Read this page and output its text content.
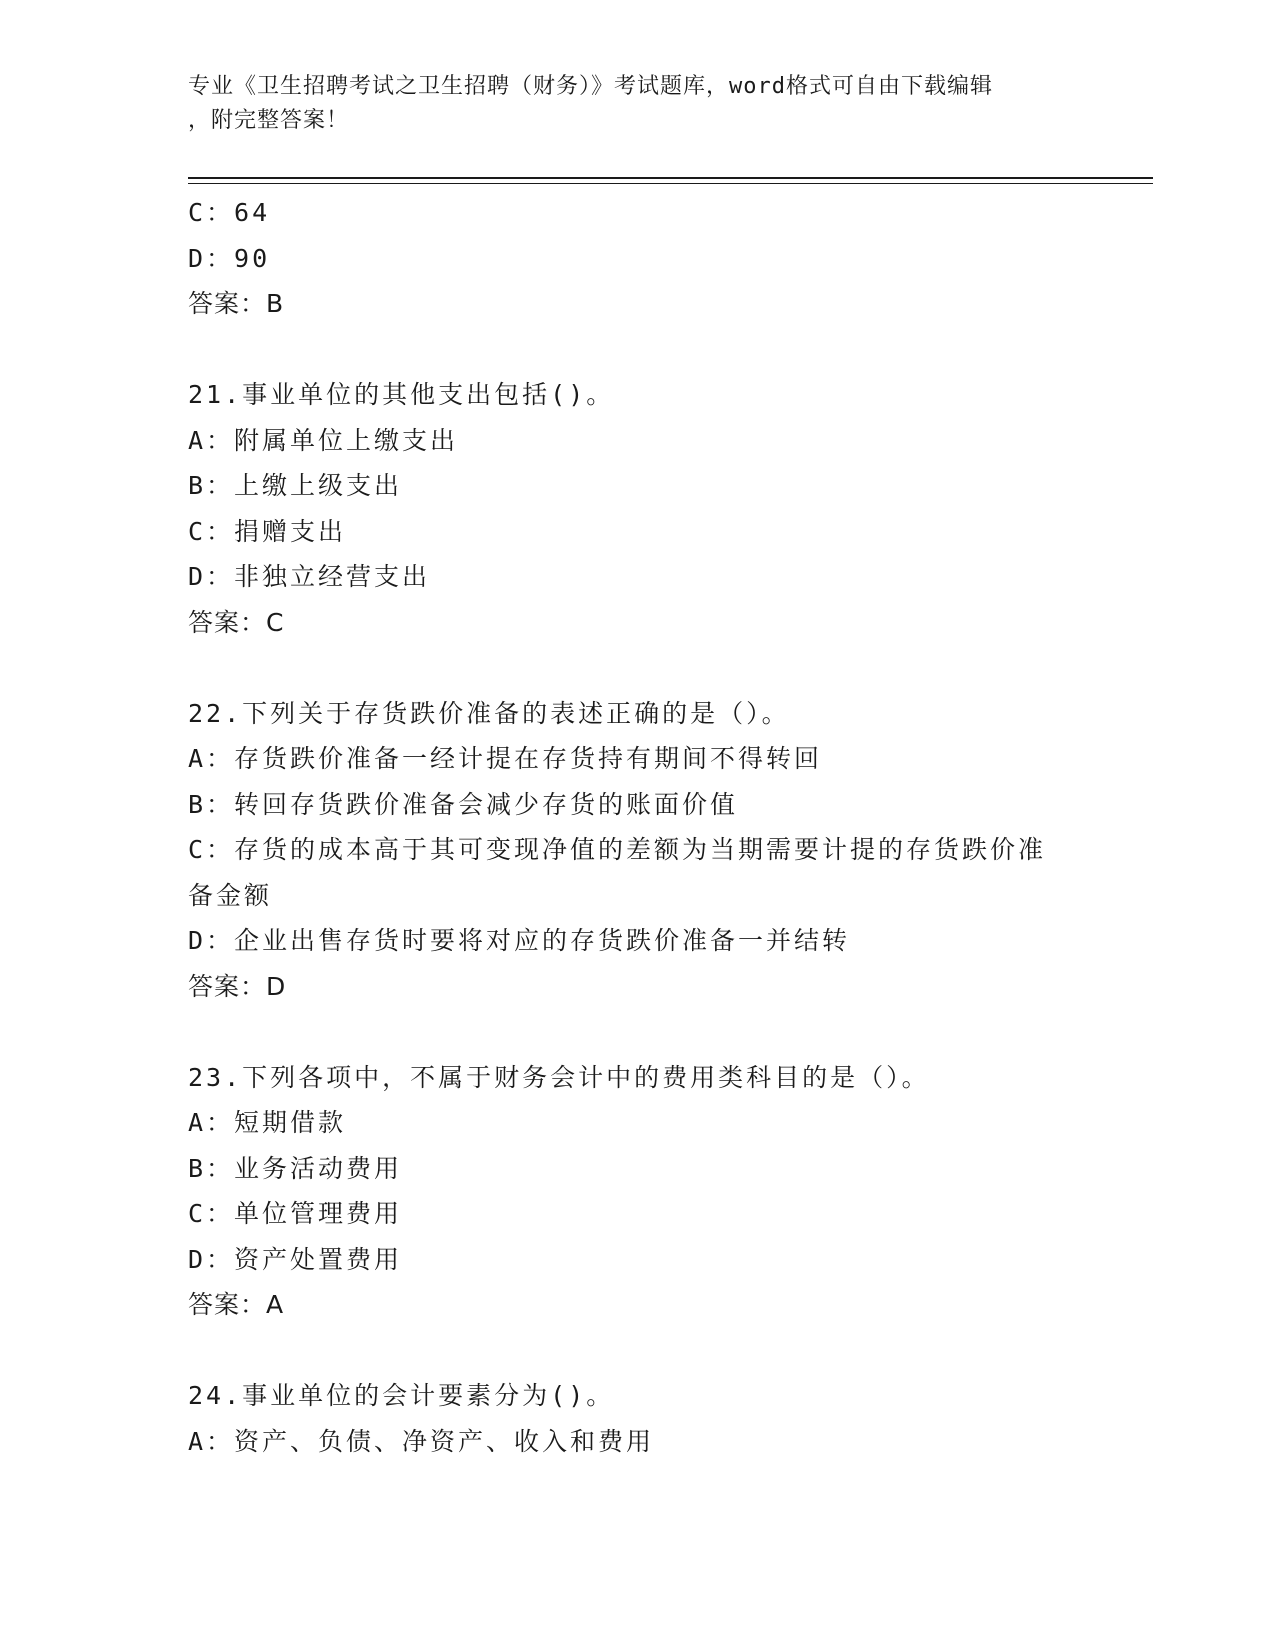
专业《卫生招聘考试之卫生招聘（财务）》考试题库，word格式可自由下载编辑
，附完整答案！
C：64
D：90
答案：B
21.事业单位的其他支出包括()。
A：附属单位上缴支出
B：上缴上级支出
C：捐赠支出
D：非独立经营支出
答案：C
22.下列关于存货跌价准备的表述正确的是（）。
A：存货跌价准备一经计提在存货持有期间不得转回
B：转回存货跌价准备会减少存货的账面价值
C：存货的成本高于其可变现净值的差额为当期需要计提的存货跌价准
备金额
D：企业出售存货时要将对应的存货跌价准备一并结转
答案：D
23.下列各项中，不属于财务会计中的费用类科目的是（）。
A：短期借款
B：业务活动费用
C：单位管理费用
D：资产处置费用
答案：A
24.事业单位的会计要素分为()。
A：资产、负债、净资产、收入和费用
